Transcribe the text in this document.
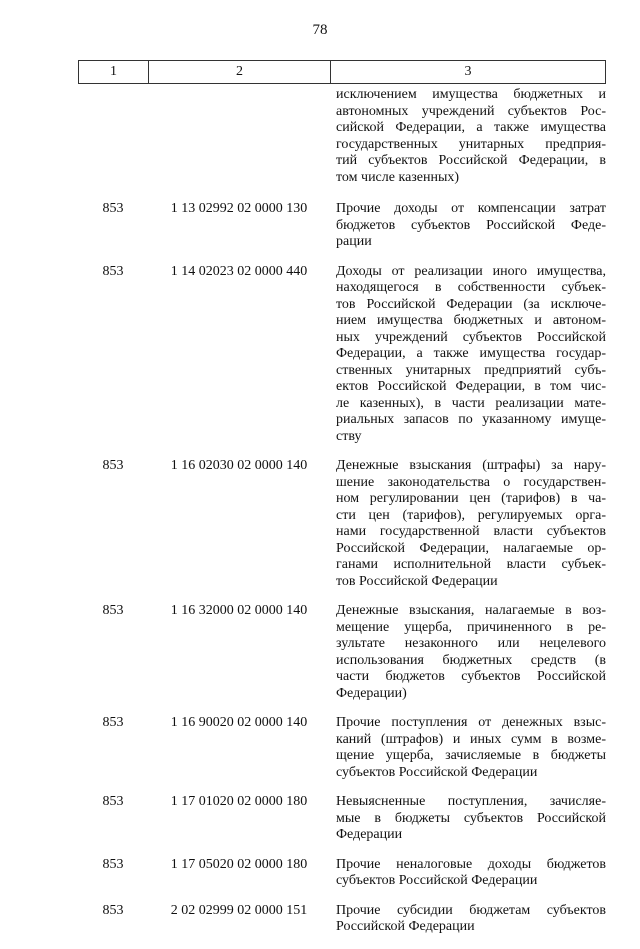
78
1	2	3
исключением имущества бюджетных и
автономных учреждений субъектов Рос-
сийской Федерации, а также имущества
государственных унитарных предприя-
тий субъектов Российской Федерации, в
том числе казенных)
853	1 13 02992 02 0000 130	Прочие доходы от компенсации затрат
бюджетов субъектов Российской Феде-
рации
853	1 14 02023 02 0000 440	Доходы от реализации иного имущества,
находящегося в собственности субъек-
тов Российской Федерации (за исключе-
нием имущества бюджетных и автоном-
ных учреждений субъектов Российской
Федерации, а также имущества государ-
ственных унитарных предприятий субъ-
ектов Российской Федерации, в том чис-
ле казенных), в части реализации мате-
риальных запасов по указанному имуще-
ству
853	1 16 02030 02 0000 140	Денежные взыскания (штрафы) за нару-
шение законодательства о государствен-
ном регулировании цен (тарифов) в ча-
сти цен (тарифов), регулируемых орга-
нами государственной власти субъектов
Российской Федерации, налагаемые ор-
ганами исполнительной власти субъек-
тов Российской Федерации
853	1 16 32000 02 0000 140	Денежные взыскания, налагаемые в воз-
мещение ущерба, причиненного в ре-
зультате незаконного или нецелевого
использования бюджетных средств (в
части бюджетов субъектов Российской
Федерации)
853	1 16 90020 02 0000 140	Прочие поступления от денежных взыс-
каний (штрафов) и иных сумм в возме-
щение ущерба, зачисляемые в бюджеты
субъектов Российской Федерации
853	1 17 01020 02 0000 180	Невыясненные поступления, зачисляе-
мые в бюджеты субъектов Российской
Федерации
853	1 17 05020 02 0000 180	Прочие неналоговые доходы бюджетов
субъектов Российской Федерации
853	2 02 02999 02 0000 151	Прочие субсидии бюджетам субъектов
Российской Федерации
